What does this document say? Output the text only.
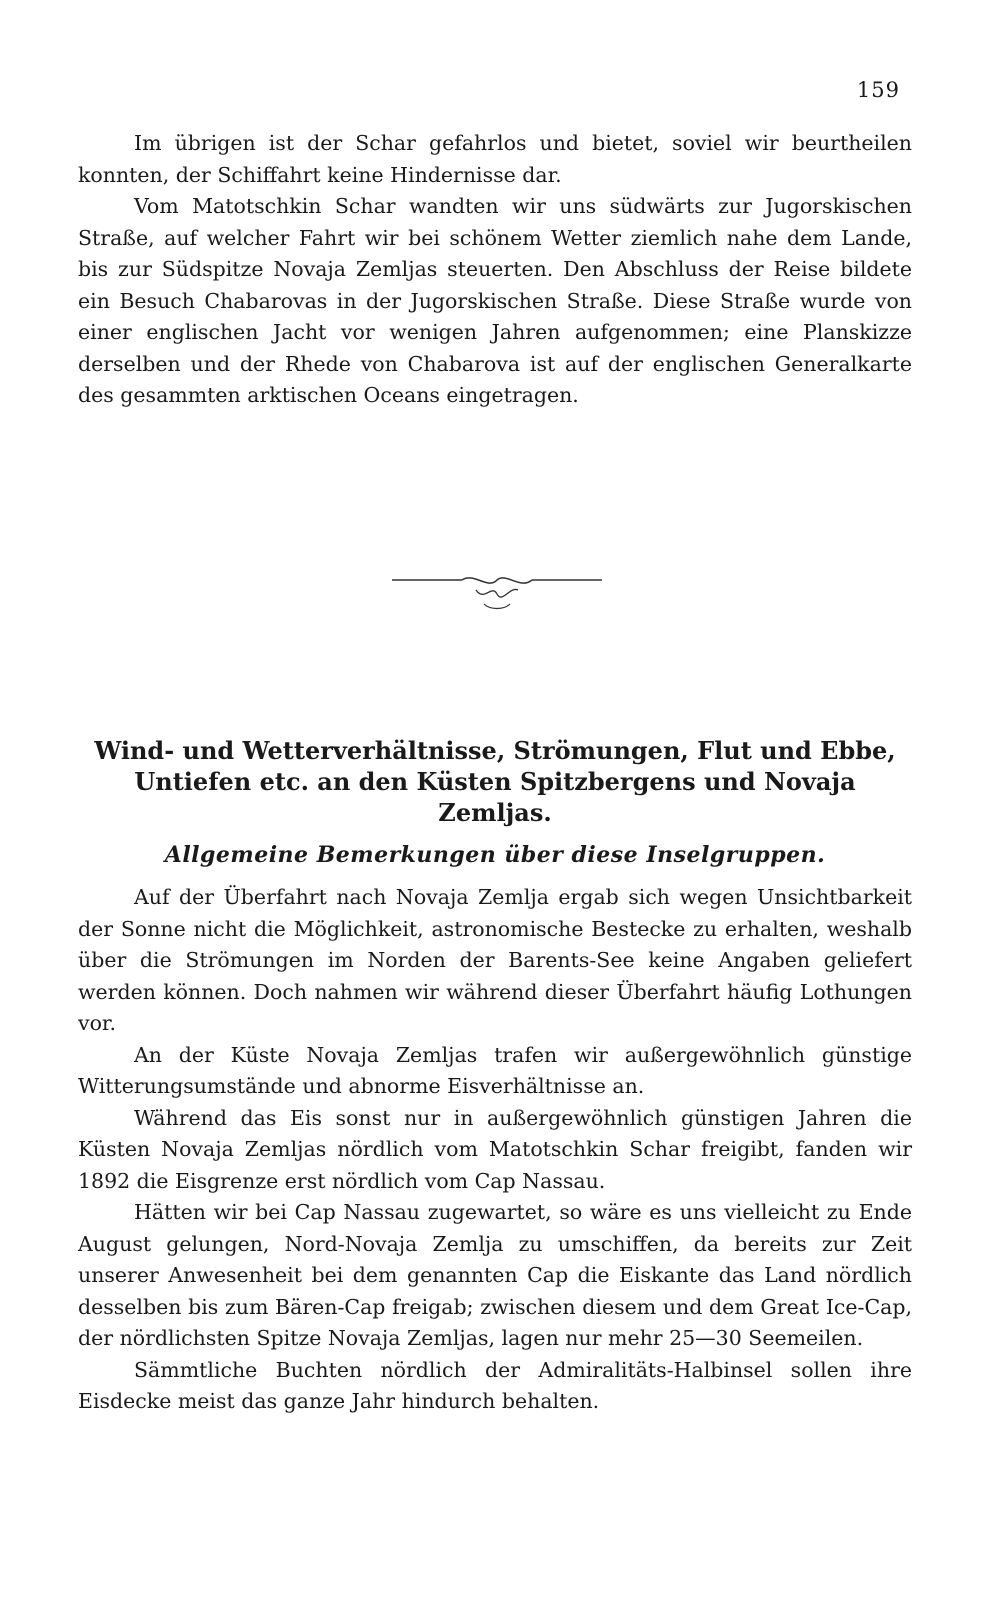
159

Im übrigen ist der Schar gefahrlos und bietet, soviel wir beurtheilen konnten, der Schiffahrt keine Hindernisse dar.

Vom Matotschkin Schar wandten wir uns südwärts zur Jugorskischen Straße, auf welcher Fahrt wir bei schönem Wetter ziemlich nahe dem Lande, bis zur Südspitze Novaja Zemljas steuerten. Den Abschluss der Reise bildete ein Besuch Chabarovas in der Jugorskischen Straße. Diese Straße wurde von einer englischen Jacht vor wenigen Jahren aufgenommen; eine Planskizze derselben und der Rhede von Chabarova ist auf der englischen Generalkarte des gesammten arktischen Oceans eingetragen.

Wind- und Wetterverhältnisse, Strömungen, Flut und Ebbe, Untiefen etc. an den Küsten Spitzbergens und Novaja Zemljas.
Allgemeine Bemerkungen über diese Inselgruppen.

Auf der Überfahrt nach Novaja Zemlja ergab sich wegen Unsichtbarkeit der Sonne nicht die Möglichkeit, astronomische Bestecke zu erhalten, weshalb über die Strömungen im Norden der Barents-See keine Angaben geliefert werden können. Doch nahmen wir während dieser Überfahrt häufig Lothungen vor.

An der Küste Novaja Zemljas trafen wir außergewöhnlich günstige Witterungsumstände und abnorme Eisverhältnisse an.

Während das Eis sonst nur in außergewöhnlich günstigen Jahren die Küsten Novaja Zemljas nördlich vom Matotschkin Schar freigibt, fanden wir 1892 die Eisgrenze erst nördlich vom Cap Nassau.

Hätten wir bei Cap Nassau zugewartet, so wäre es uns vielleicht zu Ende August gelungen, Nord-Novaja Zemlja zu umschiffen, da bereits zur Zeit unserer Anwesenheit bei dem genannten Cap die Eiskante das Land nördlich desselben bis zum Bären-Cap freigab; zwischen diesem und dem Great Ice-Cap, der nördlichsten Spitze Novaja Zemljas, lagen nur mehr 25—30 Seemeilen.

Sämmtliche Buchten nördlich der Admiralitäts-Halbinsel sollen ihre Eisdecke meist das ganze Jahr hindurch behalten.
